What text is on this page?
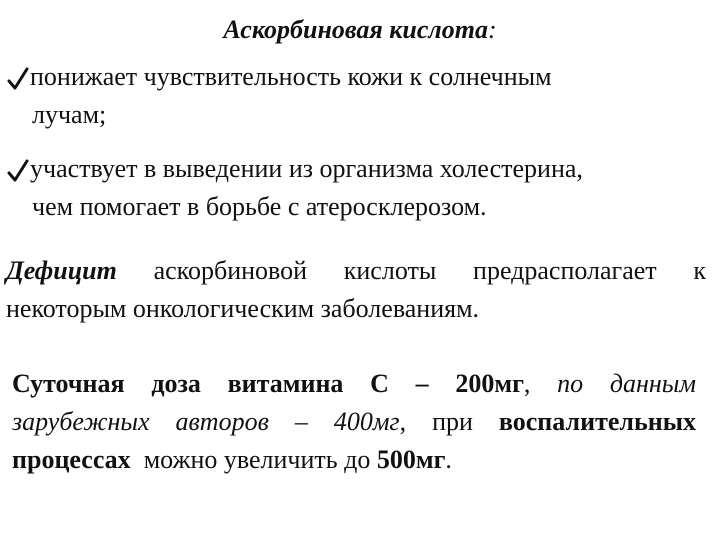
Аскорбиновая кислота:
понижает чувствительность кожи к солнечным
лучам;
участвует в выведении из организма холестерина,
чем помогает в борьбе с атеросклерозом.
Дефицит аскорбиновой кислоты предрасполагает к
некоторым онкологическим заболеваниям.
Суточная доза витамина С – 200мг, по данным
зарубежных авторов – 400мг, при воспалительных
процессах  можно увеличить до 500мг.
